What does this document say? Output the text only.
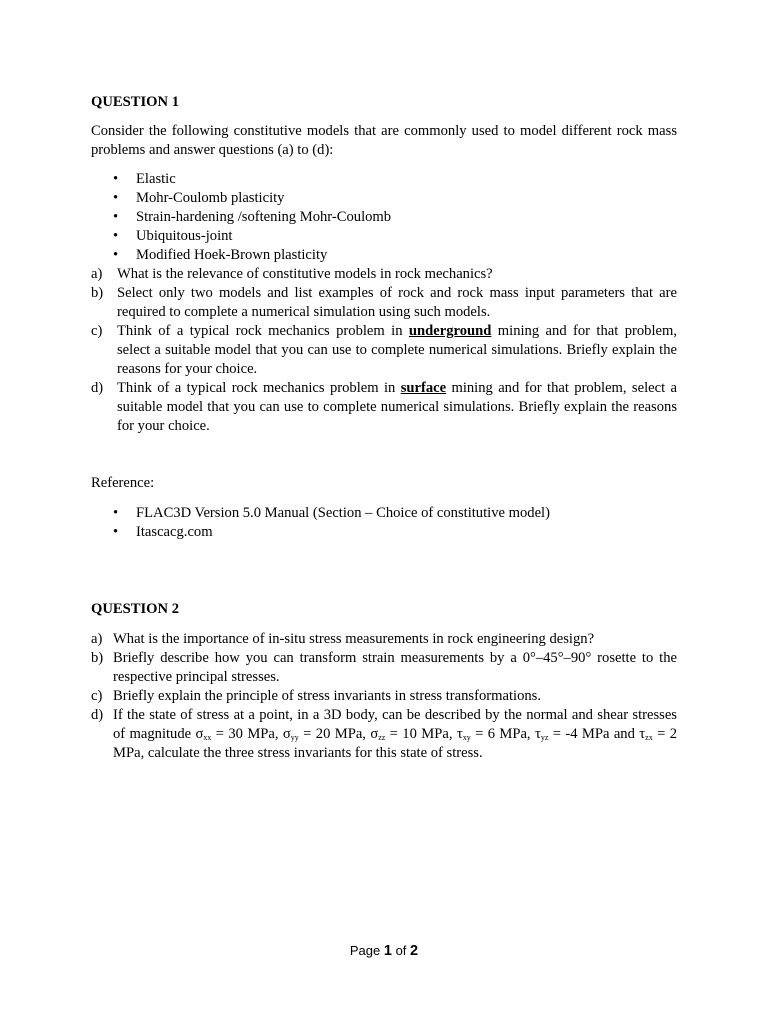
QUESTION 1

Consider the following constitutive models that are commonly used to model different rock mass problems and answer questions (a) to (d):

• Elastic
• Mohr-Coulomb plasticity
• Strain-hardening /softening Mohr-Coulomb
• Ubiquitous-joint
• Modified Hoek-Brown plasticity
a) What is the relevance of constitutive models in rock mechanics?
b) Select only two models and list examples of rock and rock mass input parameters that are required to complete a numerical simulation using such models.
c) Think of a typical rock mechanics problem in underground mining and for that problem, select a suitable model that you can use to complete numerical simulations. Briefly explain the reasons for your choice.
d) Think of a typical rock mechanics problem in surface mining and for that problem, select a suitable model that you can use to complete numerical simulations. Briefly explain the reasons for your choice.
Reference:
• FLAC3D Version 5.0 Manual (Section – Choice of constitutive model)
• Itascacg.com
QUESTION 2
a) What is the importance of in-situ stress measurements in rock engineering design?
b) Briefly describe how you can transform strain measurements by a 0°–45°–90° rosette to the respective principal stresses.
c) Briefly explain the principle of stress invariants in stress transformations.
d) If the state of stress at a point, in a 3D body, can be described by the normal and shear stresses of magnitude $\sigma_{xx} = 30$ MPa, $\sigma_{yy} = 20$ MPa, $\sigma_{zz} = 10$ MPa, $\tau_{xy} = 6$ MPa, $\tau_{yz} = -4$ MPa and $\tau_{zx} = 2$ MPa, calculate the three stress invariants for this state of stress.
Page 1 of 2
